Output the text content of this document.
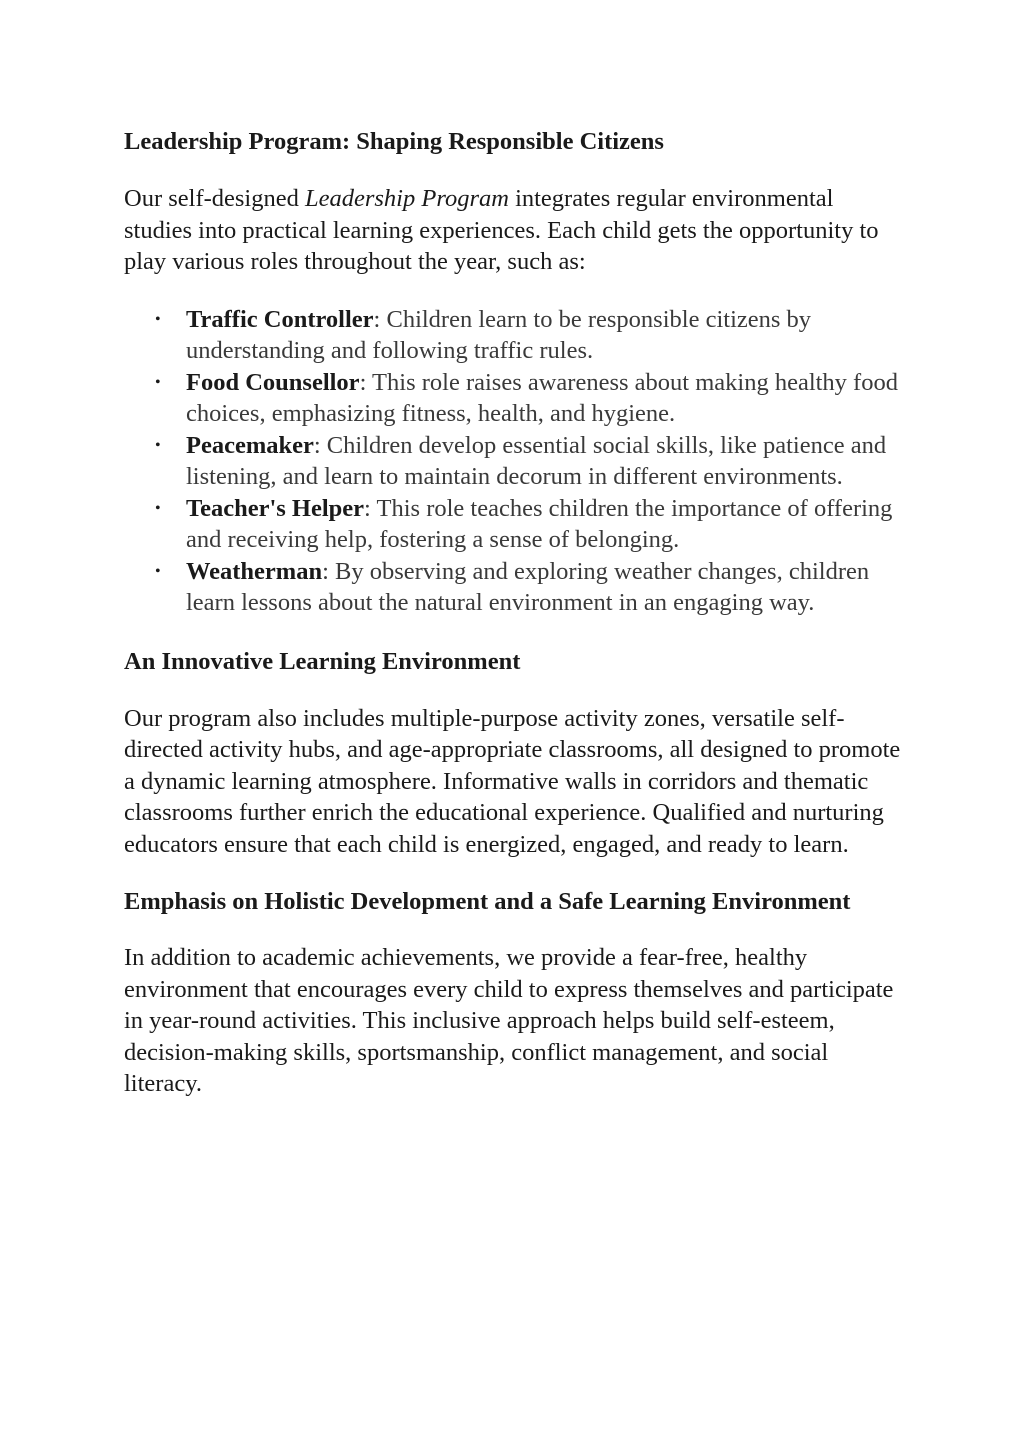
Leadership Program: Shaping Responsible Citizens

Our self-designed Leadership Program integrates regular environmental studies into practical learning experiences. Each child gets the opportunity to play various roles throughout the year, such as:

• Traffic Controller: Children learn to be responsible citizens by understanding and following traffic rules.
• Food Counsellor: This role raises awareness about making healthy food choices, emphasizing fitness, health, and hygiene.
• Peacemaker: Children develop essential social skills, like patience and listening, and learn to maintain decorum in different environments.
• Teacher's Helper: This role teaches children the importance of offering and receiving help, fostering a sense of belonging.
• Weatherman: By observing and exploring weather changes, children learn lessons about the natural environment in an engaging way.
An Innovative Learning Environment

Our program also includes multiple-purpose activity zones, versatile self-directed activity hubs, and age-appropriate classrooms, all designed to promote a dynamic learning atmosphere. Informative walls in corridors and thematic classrooms further enrich the educational experience. Qualified and nurturing educators ensure that each child is energized, engaged, and ready to learn.

Emphasis on Holistic Development and a Safe Learning Environment

In addition to academic achievements, we provide a fear-free, healthy environment that encourages every child to express themselves and participate in year-round activities. This inclusive approach helps build self-esteem, decision-making skills, sportsmanship, conflict management, and social literacy.
